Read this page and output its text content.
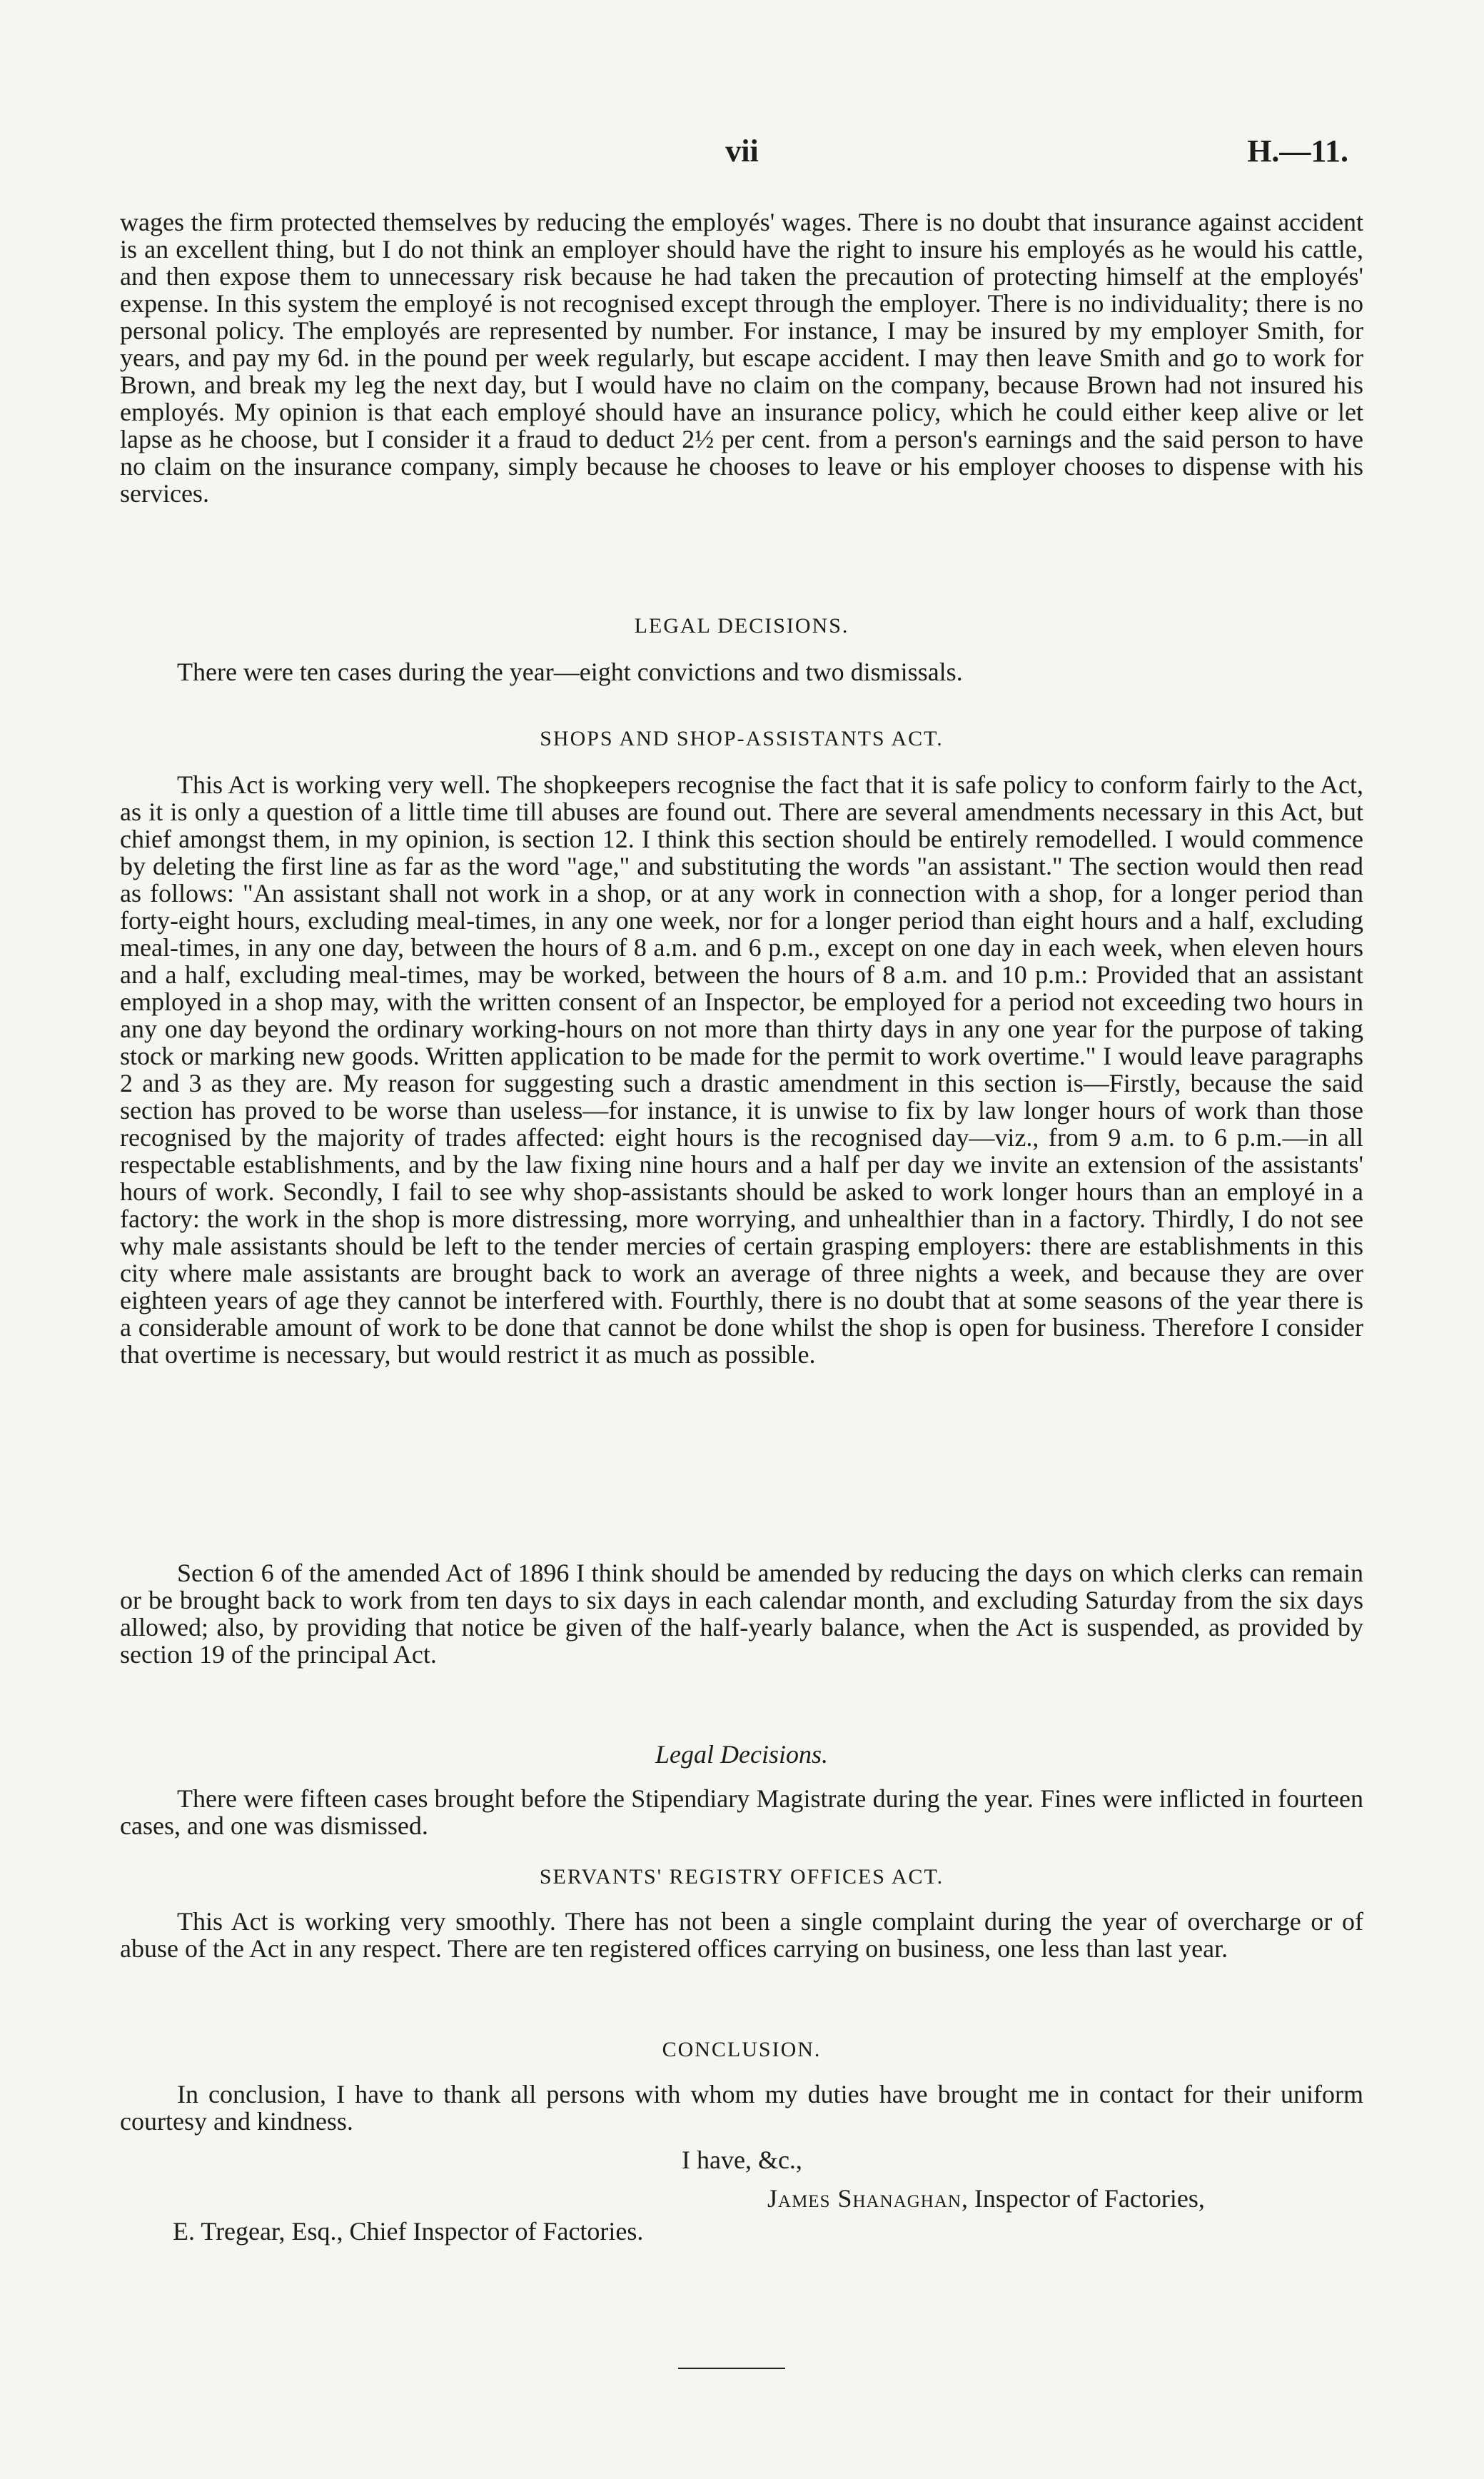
vii	H.—11.

wages the firm protected themselves by reducing the employés' wages. There is no doubt that insurance against accident is an excellent thing, but I do not think an employer should have the right to insure his employés as he would his cattle, and then expose them to unnecessary risk because he had taken the precaution of protecting himself at the employés' expense. In this system the employé is not recognised except through the employer. There is no individuality; there is no personal policy. The employés are represented by number. For instance, I may be insured by my employer Smith, for years, and pay my 6d. in the pound per week regularly, but escape accident. I may then leave Smith and go to work for Brown, and break my leg the next day, but I would have no claim on the company, because Brown had not insured his employés. My opinion is that each employé should have an insurance policy, which he could either keep alive or let lapse as he choose, but I consider it a fraud to deduct 2½ per cent. from a person's earnings and the said person to have no claim on the insurance company, simply because he chooses to leave or his employer chooses to dispense with his services.

LEGAL DECISIONS.

There were ten cases during the year—eight convictions and two dismissals.

SHOPS AND SHOP-ASSISTANTS ACT.

This Act is working very well. The shopkeepers recognise the fact that it is safe policy to conform fairly to the Act, as it is only a question of a little time till abuses are found out. There are several amendments necessary in this Act, but chief amongst them, in my opinion, is section 12. I think this section should be entirely remodelled. I would commence by deleting the first line as far as the word "age," and substituting the words "an assistant." The section would then read as follows: "An assistant shall not work in a shop, or at any work in connection with a shop, for a longer period than forty-eight hours, excluding meal-times, in any one week, nor for a longer period than eight hours and a half, excluding meal-times, in any one day, between the hours of 8 a.m. and 6 p.m., except on one day in each week, when eleven hours and a half, excluding meal-times, may be worked, between the hours of 8 a.m. and 10 p.m.: Provided that an assistant employed in a shop may, with the written consent of an Inspector, be employed for a period not exceeding two hours in any one day beyond the ordinary working-hours on not more than thirty days in any one year for the purpose of taking stock or marking new goods. Written application to be made for the permit to work overtime." I would leave paragraphs 2 and 3 as they are. My reason for suggesting such a drastic amendment in this section is—Firstly, because the said section has proved to be worse than useless—for instance, it is unwise to fix by law longer hours of work than those recognised by the majority of trades affected: eight hours is the recognised day—viz., from 9 a.m. to 6 p.m.—in all respectable establishments, and by the law fixing nine hours and a half per day we invite an extension of the assistants' hours of work. Secondly, I fail to see why shop-assistants should be asked to work longer hours than an employé in a factory: the work in the shop is more distressing, more worrying, and unhealthier than in a factory. Thirdly, I do not see why male assistants should be left to the tender mercies of certain grasping employers: there are establishments in this city where male assistants are brought back to work an average of three nights a week, and because they are over eighteen years of age they cannot be interfered with. Fourthly, there is no doubt that at some seasons of the year there is a considerable amount of work to be done that cannot be done whilst the shop is open for business. Therefore I consider that overtime is necessary, but would restrict it as much as possible.

Section 6 of the amended Act of 1896 I think should be amended by reducing the days on which clerks can remain or be brought back to work from ten days to six days in each calendar month, and excluding Saturday from the six days allowed; also, by providing that notice be given of the half-yearly balance, when the Act is suspended, as provided by section 19 of the principal Act.

Legal Decisions.

There were fifteen cases brought before the Stipendiary Magistrate during the year. Fines were inflicted in fourteen cases, and one was dismissed.

SERVANTS' REGISTRY OFFICES ACT.

This Act is working very smoothly. There has not been a single complaint during the year of overcharge or of abuse of the Act in any respect. There are ten registered offices carrying on business, one less than last year.

CONCLUSION.

In conclusion, I have to thank all persons with whom my duties have brought me in contact for their uniform courtesy and kindness.

I have, &c.,
James Shanaghan, Inspector of Factories,
E. Tregear, Esq., Chief Inspector of Factories.
